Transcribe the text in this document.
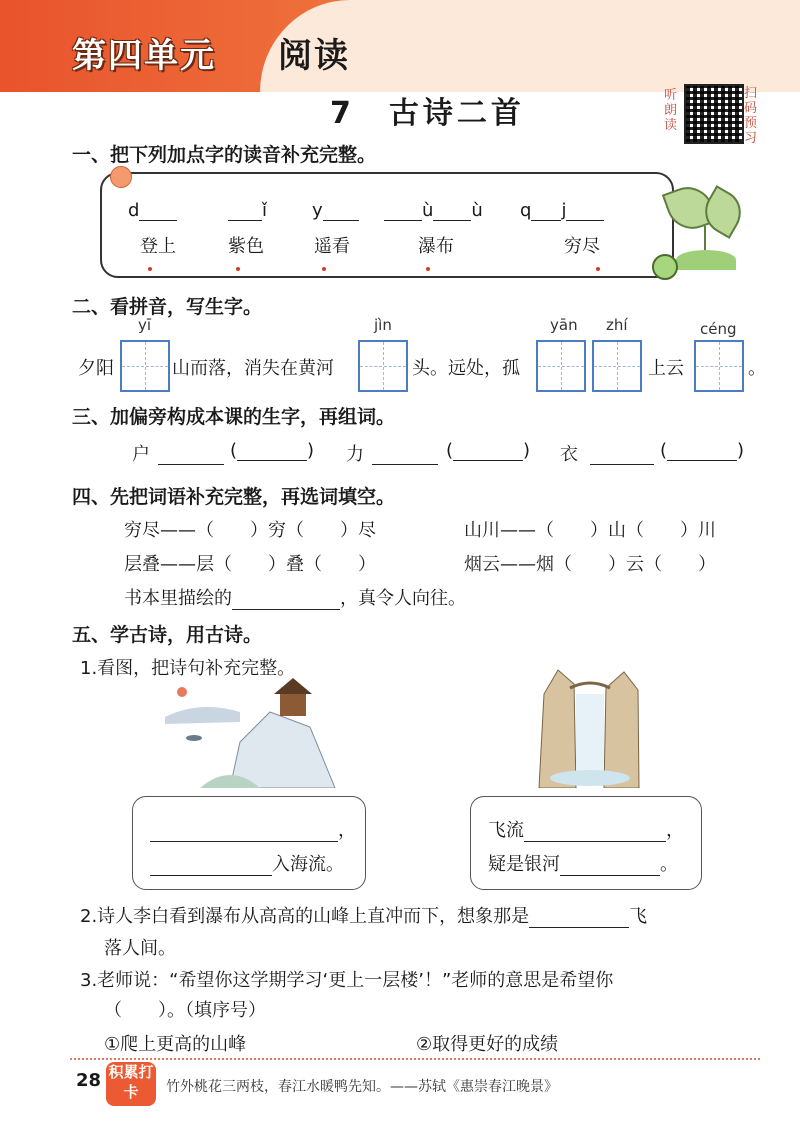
第四单元 阅读
7　古诗二首
听朗读
扫码预习
一、把下列加点字的读音补充完整。
d	ǐ y	ù ù q j
登上	紫色	遥看	瀑布	穷尽
二、看拼音，写生字。
yī	jìn	yān zhí	céng
夕阳	山而落，消失在黄河	头。远处，孤	上云	。
三、加偏旁构成本课的生字，再组词。
户	(	) 力	(	) 衣	(	)
四、先把词语补充完整，再选词填空。
穷尽——（　　）穷（　　）尽	山川——（　　）山（　　）川
层叠——层（　　）叠（　　）	烟云——烟（　　）云（　　）
书本里描绘的	，真令人向往。
五、学古诗，用古诗。
1.看图，把诗句补充完整。
，
入海流。
飞流	，
疑是银河	。
2.诗人李白看到瀑布从高高的山峰上直冲而下，想象那是	飞
落人间。
3.老师说：“希望你这学期学习‘更上一层楼’！”老师的意思是希望你
（　　）。（填序号）
①爬上更高的山峰	②取得更好的成绩
28 积累打卡	竹外桃花三两枝，春江水暖鸭先知。——苏轼《惠崇春江晚景》
